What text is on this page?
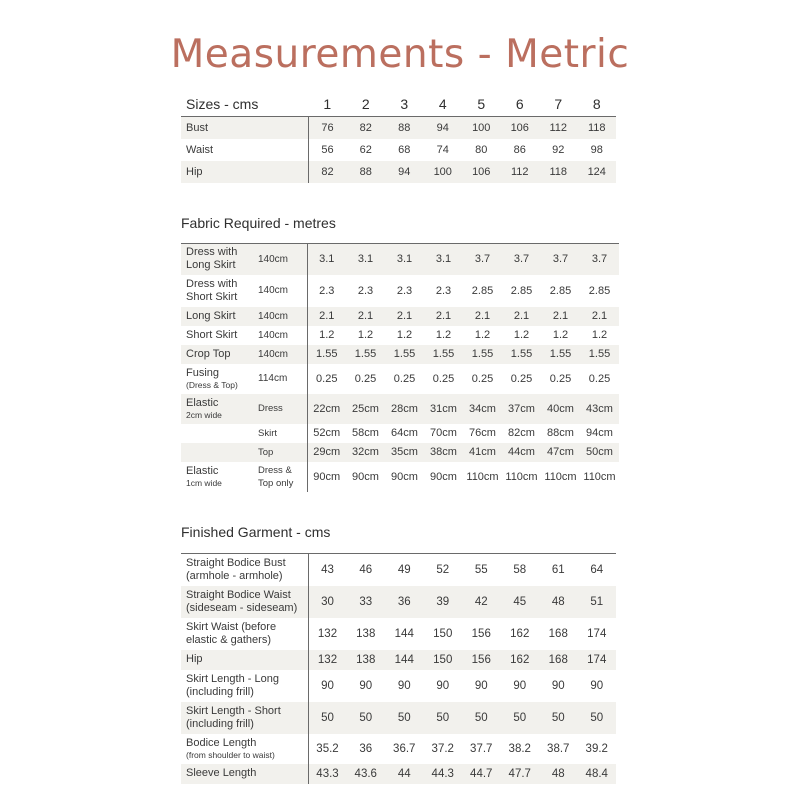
Measurements - Metric
Sizes - cms	1	2	3	4	5	6	7	8
Bust	76	82	88	94	100	106	112	118
Waist	56	62	68	74	80	86	92	98
Hip	82	88	94	100	106	112	118	124
Fabric Required - metres
Dress with
Long Skirt	140cm	3.1	3.1	3.1	3.1	3.7	3.7	3.7	3.7
Dress with
Short Skirt	140cm	2.3	2.3	2.3	2.3	2.85	2.85	2.85	2.85
Long Skirt	140cm	2.1	2.1	2.1	2.1	2.1	2.1	2.1	2.1
Short Skirt	140cm	1.2	1.2	1.2	1.2	1.2	1.2	1.2	1.2
Crop Top	140cm	1.55	1.55	1.55	1.55	1.55	1.55	1.55	1.55
Fusing
(Dress & Top)	114cm	0.25	0.25	0.25	0.25	0.25	0.25	0.25	0.25
Elastic
2cm wide	Dress	22cm	25cm	28cm	31cm	34cm	37cm	40cm	43cm
	Skirt	52cm	58cm	64cm	70cm	76cm	82cm	88cm	94cm
	Top	29cm	32cm	35cm	38cm	41cm	44cm	47cm	50cm
Elastic
1cm wide	Dress &
Top only	90cm	90cm	90cm	90cm	110cm	110cm	110cm	110cm
Finished Garment - cms
Straight Bodice Bust
(armhole - armhole)	43	46	49	52	55	58	61	64
Straight Bodice Waist
(sideseam - sideseam)	30	33	36	39	42	45	48	51
Skirt Waist (before
elastic & gathers)	132	138	144	150	156	162	168	174
Hip	132	138	144	150	156	162	168	174
Skirt Length - Long
(including frill)	90	90	90	90	90	90	90	90
Skirt Length - Short
(including frill)	50	50	50	50	50	50	50	50
Bodice Length
(from shoulder to waist)	35.2	36	36.7	37.2	37.7	38.2	38.7	39.2
Sleeve Length	43.3	43.6	44	44.3	44.7	47.7	48	48.4
